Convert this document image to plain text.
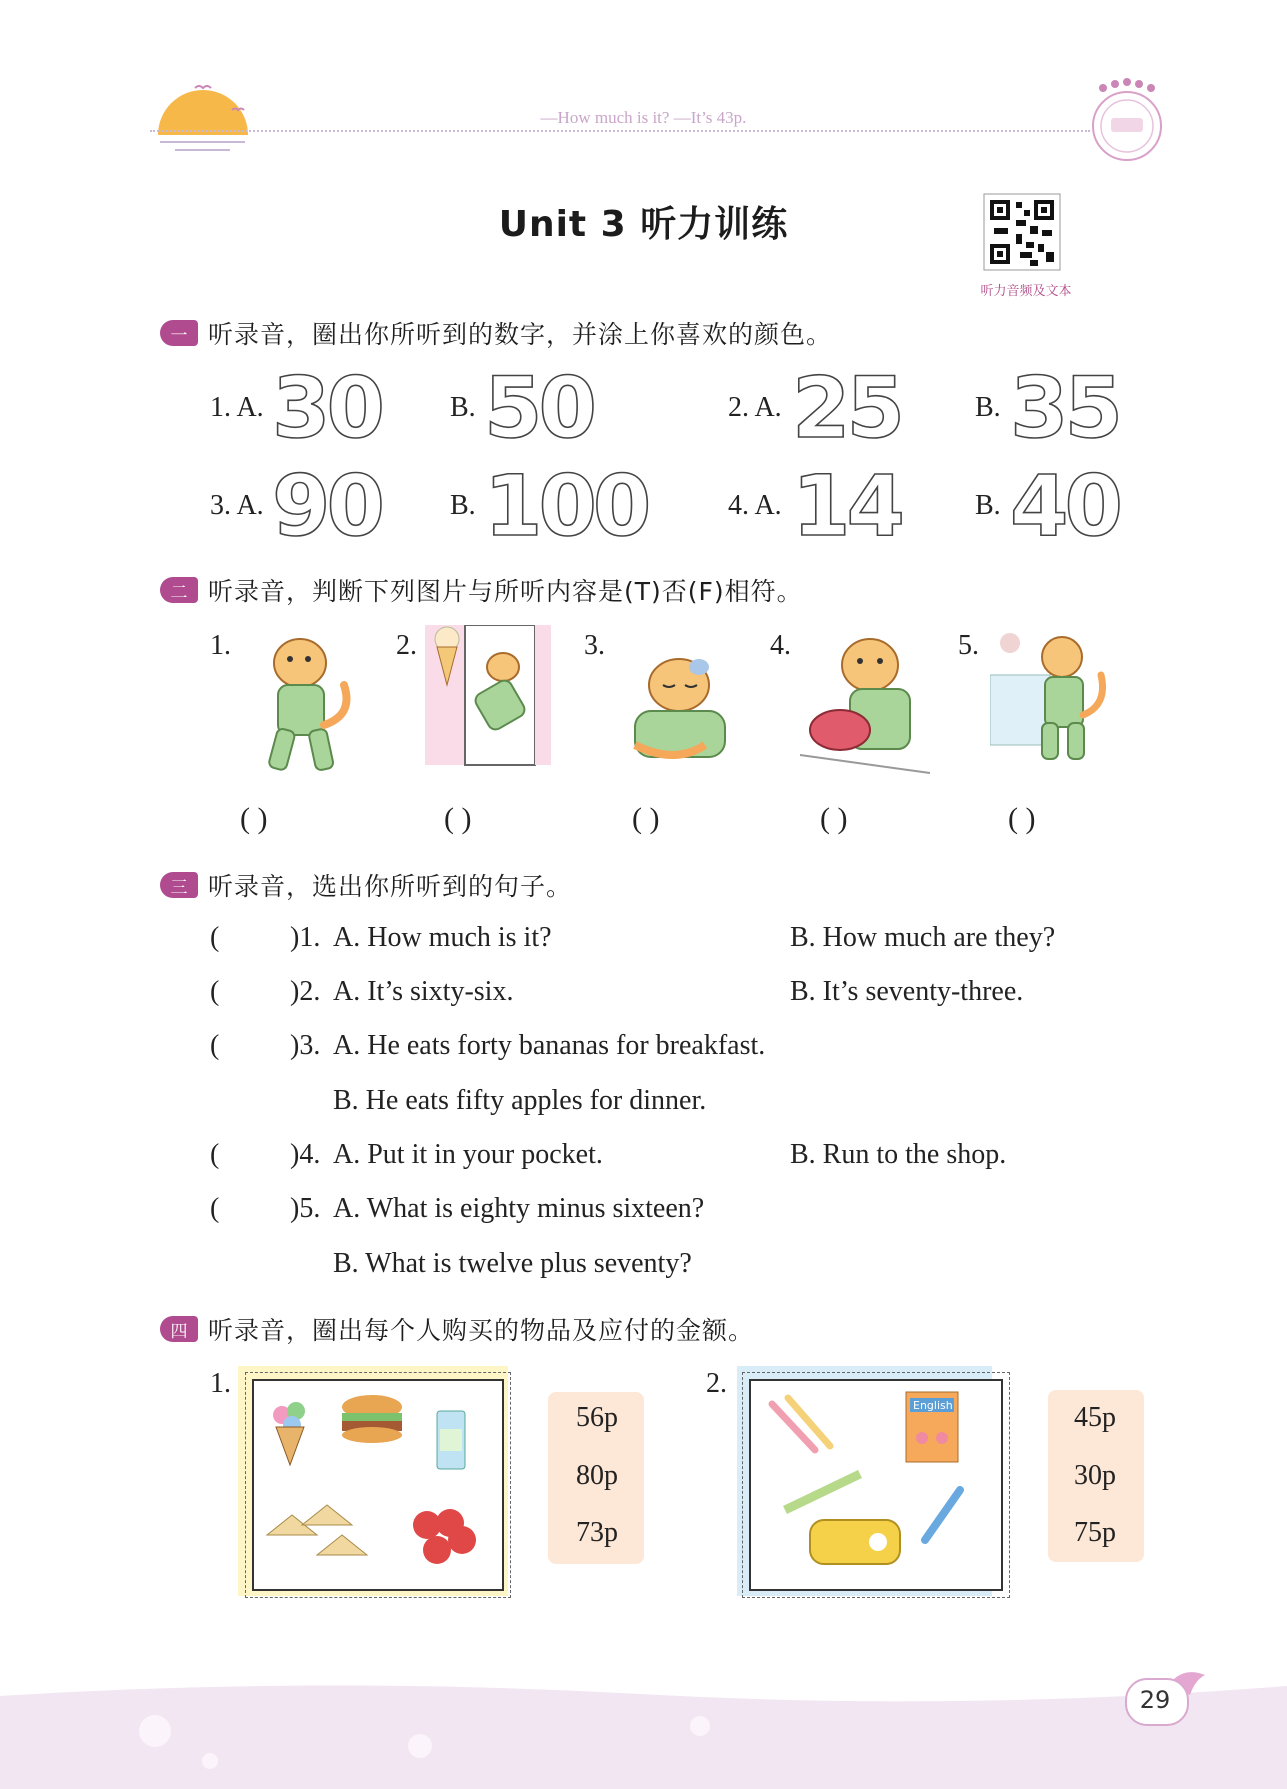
—How much is it? —It’s 43p.
Unit 3 听力训练
听力音频及文本
一 听录音，圈出你所听到的数字，并涂上你喜欢的颜色。
1. A. 30 B. 50	2. A. 25	B. 35
3. A. 90 B. 100	4. A. 14	B. 40
二 听录音，判断下列图片与所听内容是(T)否(F)相符。
1.	2.	3.	4.	5.
( )	( )	( )	( )	( )
三 听录音，选出你所听到的句子。
(	)1. A. How much is it?	B. How much are they?
(	)2. A. It’s sixty-six.	B. It’s seventy-three.
(	)3. A. He eats forty bananas for breakfast.
B. He eats fifty apples for dinner.
(	)4. A. Put it in your pocket.	B. Run to the shop.
(	)5. A. What is eighty minus sixteen?
B. What is twelve plus seventy?
四 听录音，圈出每个人购买的物品及应付的金额。
1.
56p
80p
73p
2.
English	45p
30p
75p
29
